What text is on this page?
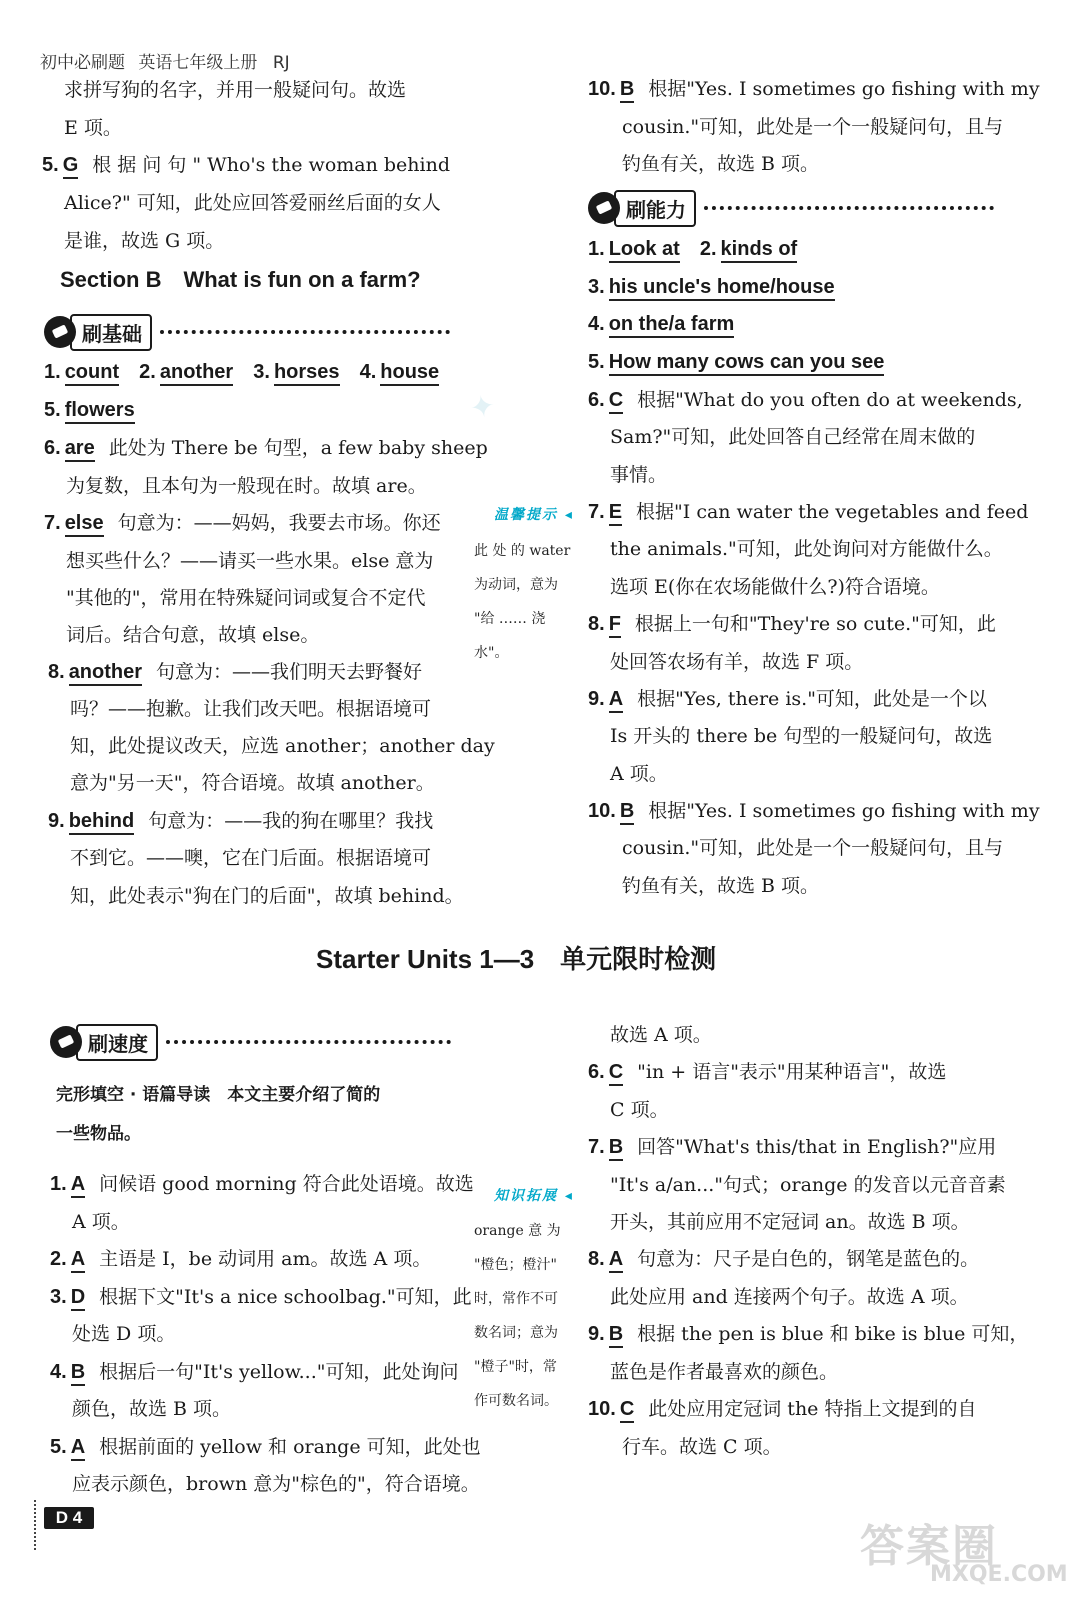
初中必刷题 英语七年级上册 RJ
求拼写狗的名字，并用一般疑问句。故选
E 项。
5. G 根 据 问 句 " Who's the woman behind
Alice?" 可知，此处应回答爱丽丝后面的女人
是谁，故选 G 项。
Section B　What is fun on a farm?
刷基础
1. count 2. another 3. horses 4. house
5. flowers
6. are 此处为 There be 句型，a few baby sheep
为复数，且本句为一般现在时。故填 are。
7. else 句意为：——妈妈，我要去市场。你还
想买些什么？——请买一些水果。else 意为
"其他的"，常用在特殊疑问词或复合不定代
词后。结合句意，故填 else。
8. another 句意为：——我们明天去野餐好
吗？——抱歉。让我们改天吧。根据语境可
知，此处提议改天，应选 another；another day
意为"另一天"，符合语境。故填 another。
9. behind 句意为：——我的狗在哪里？我找
不到它。——噢，它在门后面。根据语境可
知，此处表示"狗在门的后面"，故填 behind。
温馨提示 ◂
此 处 的 water
为动词，意为
"给 …… 浇
水"。
10. B 根据"Yes. I sometimes go fishing with my
cousin."可知，此处是一个一般疑问句，且与
钓鱼有关，故选 B 项。
刷能力
1. Look at 2. kinds of
3. his uncle's home/house
4. on the/a farm
5. How many cows can you see
6. C 根据"What do you often do at weekends,
Sam?"可知，此处回答自己经常在周末做的
事情。
7. E 根据"I can water the vegetables and feed
the animals."可知，此处询问对方能做什么。
选项 E(你在农场能做什么?)符合语境。
8. F 根据上一句和"They're so cute."可知，此
处回答农场有羊，故选 F 项。
9. A 根据"Yes, there is."可知，此处是一个以
Is 开头的 there be 句型的一般疑问句，故选
A 项。
10. B 根据"Yes. I sometimes go fishing with my
cousin."可知，此处是一个一般疑问句，且与
钓鱼有关，故选 B 项。
✦
Starter Units 1—3　单元限时检测
刷速度
完形填空 · 语篇导读　本文主要介绍了简的
一些物品。
1. A 问候语 good morning 符合此处语境。故选
A 项。
2. A 主语是 I，be 动词用 am。故选 A 项。
3. D 根据下文"It's a nice schoolbag."可知，此
处选 D 项。
4. B 根据后一句"It's yellow..."可知，此处询问
颜色，故选 B 项。
5. A 根据前面的 yellow 和 orange 可知，此处也
应表示颜色，brown 意为"棕色的"，符合语境。
知识拓展 ◂
orange 意 为
"橙色；橙汁"
时，常作不可
数名词；意为
"橙子"时，常
作可数名词。
故选 A 项。
6. C "in + 语言"表示"用某种语言"，故选
C 项。
7. B 回答"What's this/that in English?"应用
"It's a/an..."句式；orange 的发音以元音音素
开头，其前应用不定冠词 an。故选 B 项。
8. A 句意为：尺子是白色的，钢笔是蓝色的。
此处应用 and 连接两个句子。故选 A 项。
9. B 根据 the pen is blue 和 bike is blue 可知，
蓝色是作者最喜欢的颜色。
10. C 此处应用定冠词 the 特指上文提到的自
行车。故选 C 项。
D 4
答案圈
MXQE.COM
